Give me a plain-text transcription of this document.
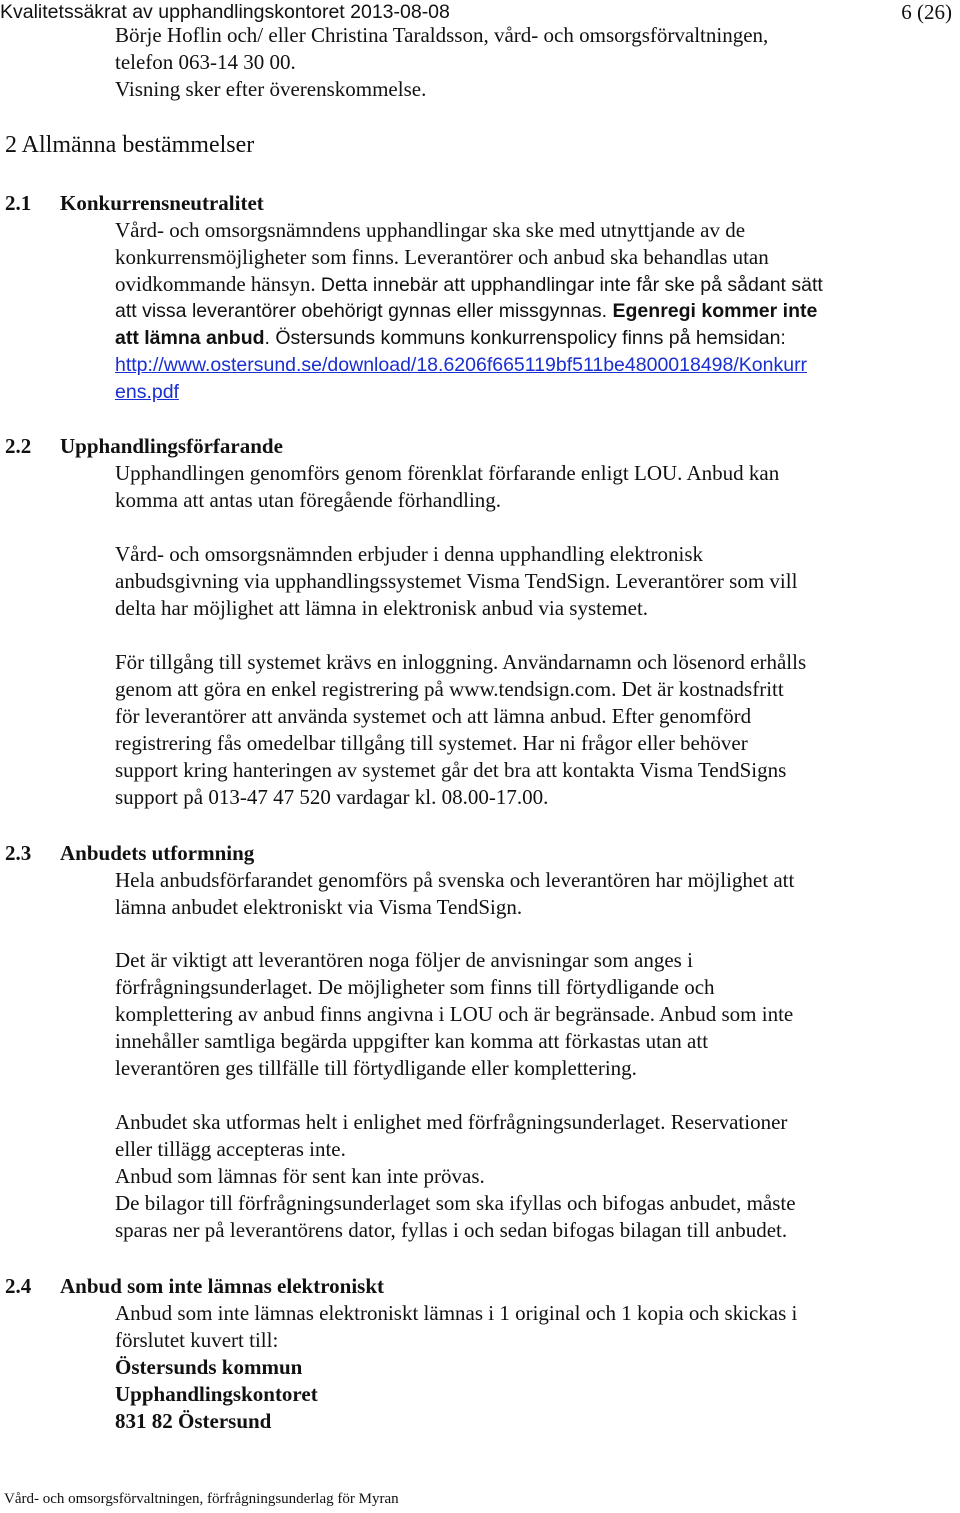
Kvalitetssäkrat av upphandlingskontoret 2013-08-08	6 (26)
Börje Hoflin och/ eller Christina Taraldsson, vård- och omsorgsförvaltningen,
telefon 063-14 30 00.
Visning sker efter överenskommelse.
2 Allmänna bestämmelser
2.1 Konkurrensneutralitet
Vård- och omsorgsnämndens upphandlingar ska ske med utnyttjande av de
konkurrensmöjligheter som finns. Leverantörer och anbud ska behandlas utan
ovidkommande hänsyn. Detta innebär att upphandlingar inte får ske på sådant sätt
att vissa leverantörer obehörigt gynnas eller missgynnas. Egenregi kommer inte
att lämna anbud. Östersunds kommuns konkurrenspolicy finns på hemsidan:
http://www.ostersund.se/download/18.6206f665119bf511be4800018498/Konkurr
ens.pdf
2.2 Upphandlingsförfarande
Upphandlingen genomförs genom förenklat förfarande enligt LOU. Anbud kan
komma att antas utan föregående förhandling.
Vård- och omsorgsnämnden erbjuder i denna upphandling elektronisk
anbudsgivning via upphandlingssystemet Visma TendSign. Leverantörer som vill
delta har möjlighet att lämna in elektronisk anbud via systemet.
För tillgång till systemet krävs en inloggning. Användarnamn och lösenord erhålls
genom att göra en enkel registrering på www.tendsign.com. Det är kostnadsfritt
för leverantörer att använda systemet och att lämna anbud. Efter genomförd
registrering fås omedelbar tillgång till systemet. Har ni frågor eller behöver
support kring hanteringen av systemet går det bra att kontakta Visma TendSigns
support på 013-47 47 520 vardagar kl. 08.00-17.00.
2.3 Anbudets utformning
Hela anbudsförfarandet genomförs på svenska och leverantören har möjlighet att
lämna anbudet elektroniskt via Visma TendSign.
Det är viktigt att leverantören noga följer de anvisningar som anges i
förfrågningsunderlaget. De möjligheter som finns till förtydligande och
komplettering av anbud finns angivna i LOU och är begränsade. Anbud som inte
innehåller samtliga begärda uppgifter kan komma att förkastas utan att
leverantören ges tillfälle till förtydligande eller komplettering.
Anbudet ska utformas helt i enlighet med förfrågningsunderlaget. Reservationer
eller tillägg accepteras inte.
Anbud som lämnas för sent kan inte prövas.
De bilagor till förfrågningsunderlaget som ska ifyllas och bifogas anbudet, måste
sparas ner på leverantörens dator, fyllas i och sedan bifogas bilagan till anbudet.
2.4 Anbud som inte lämnas elektroniskt
Anbud som inte lämnas elektroniskt lämnas i 1 original och 1 kopia och skickas i
förslutet kuvert till:
Östersunds kommun
Upphandlingskontoret
831 82 Östersund
Vård- och omsorgsförvaltningen, förfrågningsunderlag för Myran
